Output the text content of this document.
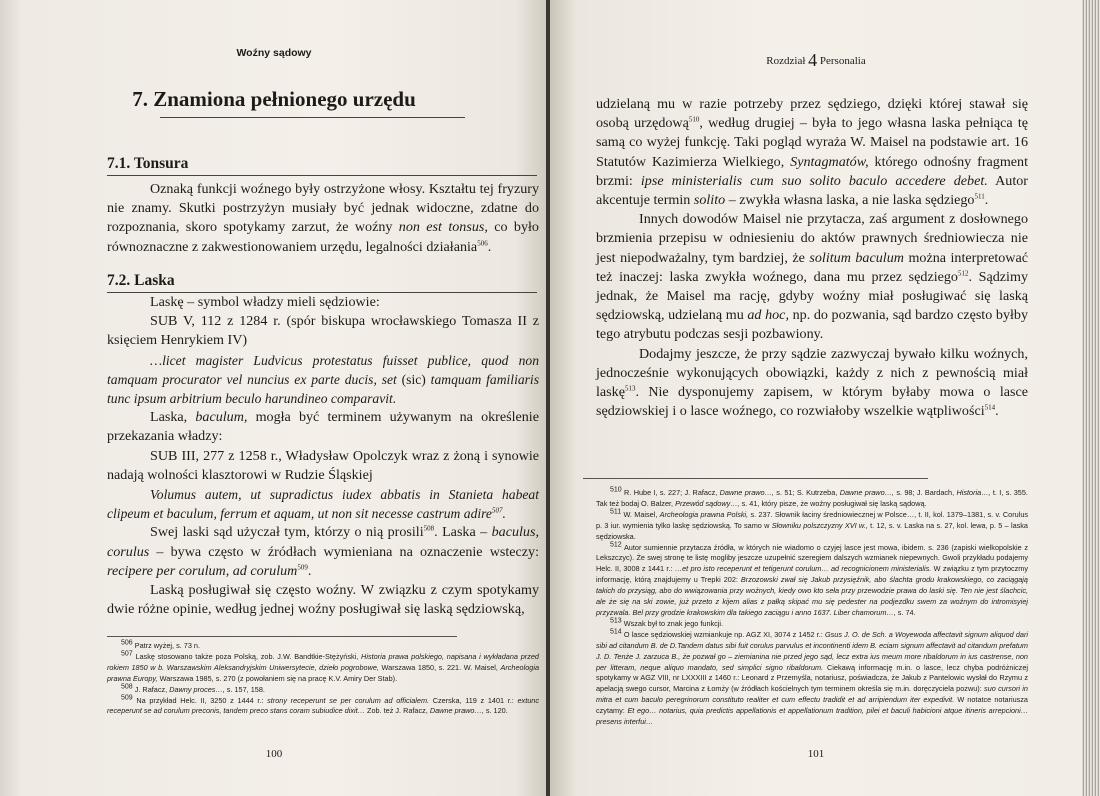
Woźny sądowy
7. Znamiona pełnionego urzędu
7.1. Tonsura

Oznaką funkcji woźnego były ostrzyżone włosy. Kształtu tej fryzury nie znamy. Skutki postrzyżyn musiały być jednak widoczne, zdatne do rozpoznania, skoro spotykamy zarzut, że woźny non est tonsus, co było równoznaczne z zakwestionowaniem urzędu, legalności działania$^{506}$.

7.2. Laska

Laskę – symbol władzy mieli sędziowie:

SUB V, 112 z 1284 r. (spór biskupa wrocławskiego Tomasza II z księciem Henrykiem IV)

…licet magister Ludvicus protestatus fuisset publice, quod non tamquam procurator vel nuncius ex parte ducis, set (sic) tamquam familiaris tunc ipsum arbitrium beculo harundineo comparavit.

Laska, baculum, mogła być terminem używanym na określenie przekazania władzy:

SUB III, 277 z 1258 r., Władysław Opolczyk wraz z żoną i synowie nadają wolności klasztorowi w Rudzie Śląskiej

Volumus autem, ut supradictus iudex abbatis in Stanieta habeat clipeum et baculum, ferrum et aquam, ut non sit necesse castrum adire$^{507}$.

Swej laski sąd użyczał tym, którzy o nią prosili$^{508}$. Laska – baculus, corulus – bywa często w źródłach wymieniana na oznaczenie wsteczy: recipere per corulum, ad corulum$^{509}$.

Laską posługiwał się często woźny. W związku z czym spotykamy dwie różne opinie, według jednej woźny posługiwał się laską sędziowską,

$^{506}$ Patrz wyżej, s. 73 n.

$^{507}$ Laskę stosowano także poza Polską, zob. J.W. Bandtkie-Stężyński, Historia prawa polskiego, napisana i wykładana przed rokiem 1850 w b. Warszawskim Aleksandryjskim Uniwersytecie, dzieło pogrobowe, Warszawa 1850, s. 221. W. Maisel, Archeologia prawna Europy, Warszawa 1985, s. 270 (z powołaniem się na pracę K.V. Amiry Der Stab).

$^{508}$ J. Rafacz, Dawny proces…, s. 157, 158.

$^{509}$ Na przykład Helc. II, 3250 z 1444 r.: strony receperunt se per corulum ad officialem. Czerska, 119 z 1401 r.: extunc receperunt se ad corulum preconis, tandem preco stans coram subiudice dixit… Zob. też J. Rafacz, Dawne prawo…, s. 120.

100
Rozdział 4 Personalia

udzielaną mu w razie potrzeby przez sędziego, dzięki której stawał się osobą urzędową$^{510}$, według drugiej – była to jego własna laska pełniąca tę samą co wyżej funkcję. Taki pogląd wyraża W. Maisel na podstawie art. 16 Statutów Kazimierza Wielkiego, Syntagmatów, którego odnośny fragment brzmi: ipse ministerialis cum suo solito baculo accedere debet. Autor akcentuje termin solito – zwykła własna laska, a nie laska sędziego$^{511}$.

Innych dowodów Maisel nie przytacza, zaś argument z dosłownego brzmienia przepisu w odniesieniu do aktów prawnych średniowiecza nie jest niepodważalny, tym bardziej, że solitum baculum można interpretować też inaczej: laska zwykła woźnego, dana mu przez sędziego$^{512}$. Sądzimy jednak, że Maisel ma rację, gdyby woźny miał posługiwać się laską sędziowską, udzielaną mu ad hoc, np. do pozwania, sąd bardzo często byłby tego atrybutu podczas sesji pozbawiony.

Dodajmy jeszcze, że przy sądzie zazwyczaj bywało kilku woźnych, jednocześnie wykonujących obowiązki, każdy z nich z pewnością miał laskę$^{513}$. Nie dysponujemy zapisem, w którym byłaby mowa o lasce sędziowskiej i o lasce woźnego, co rozwiałoby wszelkie wątpliwości$^{514}$.

$^{510}$ R. Hube I, s. 227; J. Rafacz, Dawne prawo…, s. 51; S. Kutrzeba, Dawne prawo…, s. 98; J. Bardach, Historia…, t. I, s. 355. Tak też bodaj O. Balzer, Przewód sądowy…, s. 41, który pisze, że woźny posługiwał się laską sądową.

$^{511}$ W. Maisel, Archeologia prawna Polski, s. 237. Słownik łaciny średniowiecznej w Polsce…, t. II, kol. 1379–1381, s. v. Corulus p. 3 iur. wymienia tylko laskę sędziowską. To samo w Słowniku polszczyzny XVI w., t. 12, s. v. Laska na s. 27, kol. lewa, p. 5 – laska sędziowska.

$^{512}$ Autor sumiennie przytacza źródła, w których nie wiadomo o czyjej lasce jest mowa, ibidem. s. 236 (zapiski wielkopolskie z Lekszczyc). Że swej stronę te listę mogliby jeszcze uzupełnić szeregiem dalszych wzmianek niepewnych. Gwoli przykładu podajemy Helc. II, 3008 z 1441 r.: …et pro isto receperunt et tetigerunt corulum… ad recognicionem ministerialis. W związku z tym przytoczmy informację, którą znajdujemy u Trepki 202: Brzozowski zwał się Jakub przysięźnik, abo ślachta grodu krakowskiego, co zaciągają takich do przysiąg, abo do wwiązowania przy woźnych, kiedy owo kto seła przy przewodzie prawa do laski się. Ten nie jest ślachcic, ale że się na ski zowie, już przeto z kijem alias z pałką skipać mu się pedester na podjezdku swem za woźnym do intromisyiej przyzwala. Bel przy grodzie krakowskim dla takiego zaciągu i anno 1637. Liber chamorum…, s. 74.

$^{513}$ Wszak był to znak jego funkcji.

$^{514}$ O lasce sędziowskiej wzmiankuje np. AGZ XI, 3074 z 1452 r.: Gsus J. O. de Sch. a Woyewoda affectavit signum aliquod dari sibi ad citandum B. de D.Tandem datus sibi fuit corulus parvulus et incontinenti idem B. eciam signum affectavit ad citandum prefatum J. D. Tenże J. zarzuca B., że pozwał go – ziemianina nie przed jego sąd, lecz extra ius meum more ribaldorum in ius castrense, non per litteram, neque aliquo mandato, sed simplici signo ribaldorum. Ciekawą informację m.in. o lasce, lecz chyba podróżniczej spotykamy w AGZ VIII, nr LXXXIII z 1460 r.: Leonard z Przemyśla, notariusz, poświadcza, że Jakub z Pantelowic wysłał do Rzymu z apelacją swego cursor, Marcina z Łomży (w źródłach kościelnych tym terminem określa się m.in. doręczyciela pozwu): suo cursori in mitra et cum baculo peregrinorum constituto realiter et cum effectu tradidit et ad arripiendum iter expedivit. W notatce notariusza czytamy: Et ego… notarius, quia predictis appellationis et appellationum tradition, pilei et baculi habicioni atque itineris arrepcioni… presens interfui…

101
